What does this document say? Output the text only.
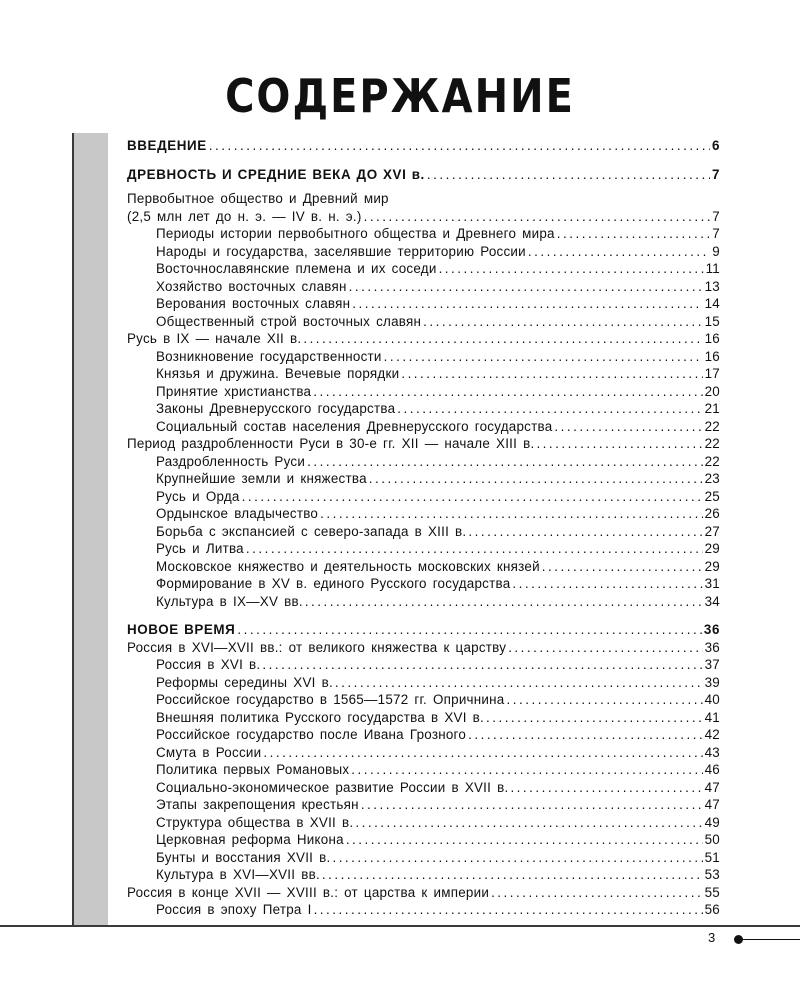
СОДЕРЖАНИЕ
ВВЕДЕНИЕ . . .	6
ДРЕВНОСТЬ И СРЕДНИЕ ВЕКА ДО XVI в. . . .	7
Первобытное общество и Древний мир
(2,5 млн лет до н. э. — IV в. н. э.) . . .	7
Периоды истории первобытного общества и Древнего мира . . .	7
Народы и государства, заселявшие территорию России . . .	9
Восточнославянские племена и их соседи . . .	11
Хозяйство восточных славян . . .	13
Верования восточных славян . . .	14
Общественный строй восточных славян . . .	15
Русь в IX — начале XII в. . . .	16
Возникновение государственности . . .	16
Князья и дружина. Вечевые порядки . . .	17
Принятие христианства . . .	20
Законы Древнерусского государства . . .	21
Социальный состав населения Древнерусского государства . . .	22
Период раздробленности Руси в 30-е гг. XII — начале XIII в. . . .	22
Раздробленность Руси . . .	22
Крупнейшие земли и княжества . . .	23
Русь и Орда . . .	25
Ордынское владычество . . .	26
Борьба с экспансией с северо-запада в XIII в. . . .	27
Русь и Литва . . .	29
Московское княжество и деятельность московских князей . . .	29
Формирование в XV в. единого Русского государства . . .	31
Культура в IX—XV вв. . . .	34
НОВОЕ ВРЕМЯ . . .	36
Россия в XVI—XVII вв.: от великого княжества к царству . . .	36
Россия в XVI в. . . .	37
Реформы середины XVI в. . . .	39
Российское государство в 1565—1572 гг. Опричнина . . .	40
Внешняя политика Русского государства в XVI в. . . .	41
Российское государство после Ивана Грозного . . .	42
Смута в России . . .	43
Политика первых Романовых . . .	46
Социально-экономическое развитие России в XVII в. . . .	47
Этапы закрепощения крестьян . . .	47
Структура общества в XVII в. . . .	49
Церковная реформа Никона . . .	50
Бунты и восстания XVII в. . . .	51
Культура в XVI—XVII вв. . . .	53
Россия в конце XVII — XVIII в.: от царства к империи . . .	55
Россия в эпоху Петра I . . .	56
3
